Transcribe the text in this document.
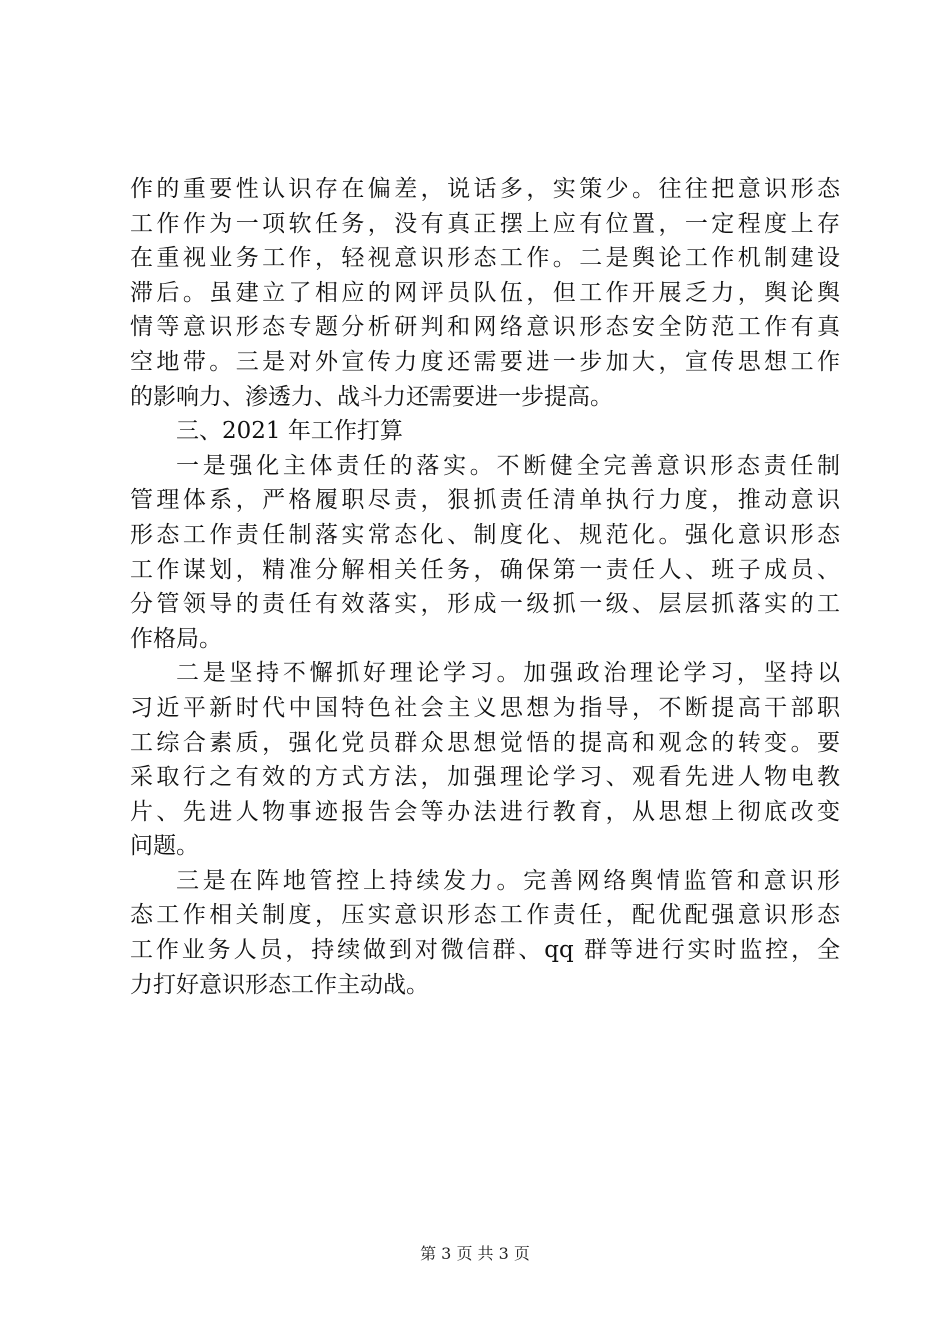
作的重要性认识存在偏差，说话多，实策少。往往把意识形态
工作作为一项软任务，没有真正摆上应有位置，一定程度上存
在重视业务工作，轻视意识形态工作。二是舆论工作机制建设
滞后。虽建立了相应的网评员队伍，但工作开展乏力，舆论舆
情等意识形态专题分析研判和网络意识形态安全防范工作有真
空地带。三是对外宣传力度还需要进一步加大，宣传思想工作
的影响力、渗透力、战斗力还需要进一步提高。
三、2021 年工作打算
一是强化主体责任的落实。不断健全完善意识形态责任制
管理体系，严格履职尽责，狠抓责任清单执行力度，推动意识
形态工作责任制落实常态化、制度化、规范化。强化意识形态
工作谋划，精准分解相关任务，确保第一责任人、班子成员、
分管领导的责任有效落实，形成一级抓一级、层层抓落实的工
作格局。
二是坚持不懈抓好理论学习。加强政治理论学习，坚持以
习近平新时代中国特色社会主义思想为指导，不断提高干部职
工综合素质，强化党员群众思想觉悟的提高和观念的转变。要
采取行之有效的方式方法，加强理论学习、观看先进人物电教
片、先进人物事迹报告会等办法进行教育，从思想上彻底改变
问题。
三是在阵地管控上持续发力。完善网络舆情监管和意识形
态工作相关制度，压实意识形态工作责任，配优配强意识形态
工作业务人员，持续做到对微信群、qq 群等进行实时监控，全
力打好意识形态工作主动战。
第 3 页 共 3 页
